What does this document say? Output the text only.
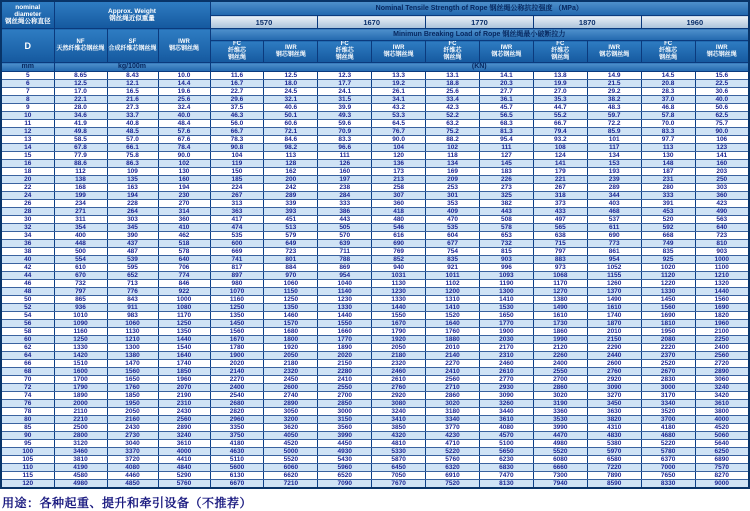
nominal
diameter
钢丝绳公称直径

Approx. Weight
钢丝绳近似重量
	Nominal Tensile Strength of Rope 钢丝绳公称抗拉强度 （MPa）
				1570		1670		1770		1870		1960	
D	NF
天然纤维芯钢丝绳

SF
合成纤维芯钢丝绳

IWR
钢芯钢丝绳
	Minimun Breaking Load of Rope 钢丝绳最小破断拉力

FC
纤维芯
钢丝绳

IWR
钢芯钢丝绳

FC
纤维芯
钢丝绳

IWR
钢芯钢丝绳

FC
纤维芯
钢丝绳

IWR
钢芯钢丝绳

FC
纤维芯
钢丝绳

IWR
钢芯钢丝绳

FC
纤维芯
钢丝绳

IWR
钢芯钢丝绳

mm	kg/100m			(KN)									
5	8.65	8.43	10.0	11.6	12.5	12.3	13.3	13.1	14.1	13.8	14.9	14.5	15.6
6	12.5	12.1	14.4	16.7	18.0	17.7	19.2	18.8	20.3	19.9	21.5	20.8	22.5
7	17.0	16.5	19.6	22.7	24.5	24.1	26.1	25.6	27.7	27.0	29.2	28.3	30.6
8	22.1	21.6	25.6	29.6	32.1	31.5	34.1	33.4	36.1	35.3	38.2	37.0	40.0
9	28.0	27.3	32.4	37.5	40.6	39.9	43.2	42.3	45.7	44.7	48.3	46.8	50.6
10	34.6	33.7	40.0	46.3	50.1	49.3	53.3	52.2	56.5	55.2	59.7	57.8	62.5
11	41.9	40.8	48.4	56.0	60.6	59.6	64.5	63.2	68.3	66.7	72.2	70.0	75.7
12	49.8	48.5	57.6	66.7	72.1	70.9	76.7	75.2	81.3	79.4	85.9	83.3	90.0
13	58.5	57.0	67.6	78.3	84.6	83.3	90.0	88.2	95.4	93.2	101	97.7	106
14	67.8	66.1	78.4	90.8	98.2	96.6	104	102	111	108	117	113	123
15	77.9	75.8	90.0	104	113	111	120	118	127	124	134	130	141
16	88.6	86.3	102	119	128	126	136	134	145	141	153	148	160
18	112	109	130	150	162	160	173	169	183	179	193	187	203
20	138	135	160	185	200	197	213	209	226	221	239	231	250
22	168	163	194	224	242	238	258	253	273	267	289	280	303
24	199	194	230	267	289	284	307	301	325	318	344	333	360
26	234	228	270	313	339	333	360	353	382	373	403	391	423
28	271	264	314	363	393	386	418	409	443	433	468	453	490
30	311	303	360	417	451	443	480	470	508	497	537	520	563
32	354	345	410	474	513	505	546	535	578	565	611	592	640
34	400	390	462	535	579	570	616	604	653	638	690	668	723
36	448	437	518	600	649	639	690	677	732	715	773	749	810
38	500	487	578	669	723	711	769	754	815	797	861	835	903
40	554	539	640	741	801	788	852	835	903	883	954	925	1000
42	610	595	706	817	884	869	940	921	996	973	1052	1020	1100
44	670	652	774	897	970	954	1031	1011	1093	1068	1155	1120	1210
46	732	713	846	980	1060	1040	1130	1102	1190	1170	1260	1220	1320
48	797	776	922	1070	1150	1140	1230	1200	1300	1270	1370	1330	1440
50	865	843	1000	1160	1250	1230	1330	1310	1410	1380	1490	1450	1560
52	936	911	1080	1250	1350	1330	1440	1410	1530	1490	1610	1560	1690
54	1010	983	1170	1350	1460	1440	1550	1520	1650	1610	1740	1690	1820
56	1090	1060	1250	1450	1570	1550	1670	1640	1770	1730	1870	1810	1960
58	1160	1130	1350	1560	1680	1660	1790	1760	1900	1860	2010	1950	2100
60	1250	1210	1440	1670	1800	1770	1920	1880	2030	1990	2150	2080	2250
62	1330	1300	1540	1780	1920	1890	2050	2010	2170	2120	2290	2220	2400
64	1420	1380	1640	1900	2050	2020	2180	2140	2310	2260	2440	2370	2560
66	1510	1470	1740	2020	2180	2150	2320	2270	2460	2400	2600	2520	2720
68	1600	1560	1850	2140	2320	2280	2460	2410	2610	2550	2760	2670	2890
70	1700	1650	1960	2270	2450	2410	2610	2560	2770	2700	2920	2830	3060
72	1790	1760	2070	2400	2600	2550	2760	2710	2930	2860	3090	3000	3240
74	1890	1850	2190	2540	2740	2700	2920	2860	3090	3020	3270	3170	3420
76	2000	1950	2310	2680	2890	2850	3080	3020	3260	3190	3450	3340	3610
78	2110	2050	2430	2820	3050	3000	3240	3180	3440	3360	3630	3520	3800
80	2210	2160	2560	2960	3200	3150	3410	3340	3610	3530	3820	3700	4000
85	2500	2430	2890	3350	3620	3560	3850	3770	4080	3990	4310	4180	4520
90	2800	2730	3240	3750	4050	3990	4320	4230	4570	4470	4830	4680	5060
95	3120	3040	3610	4180	4520	4450	4810	4710	5100	4980	5380	5220	5640
100	3460	3370	4000	4630	5000	4930	5330	5220	5650	5520	5970	5780	6250
105	3810	3720	4410	5110	5520	5430	5870	5760	6230	6080	6580	6370	6890
110	4190	4080	4840	5600	6060	5960	6450	6320	6830	6660	7220	7000	7570
115	4580	4460	5290	6130	6620	6520	7050	6910	7470	7300	7890	7650	8270
120	4980	4850	5760	6670	7210	7090	7670	7520	8130	7940	8590	8330	9000
用途：各种起重、提升和牵引设备（不推荐）
